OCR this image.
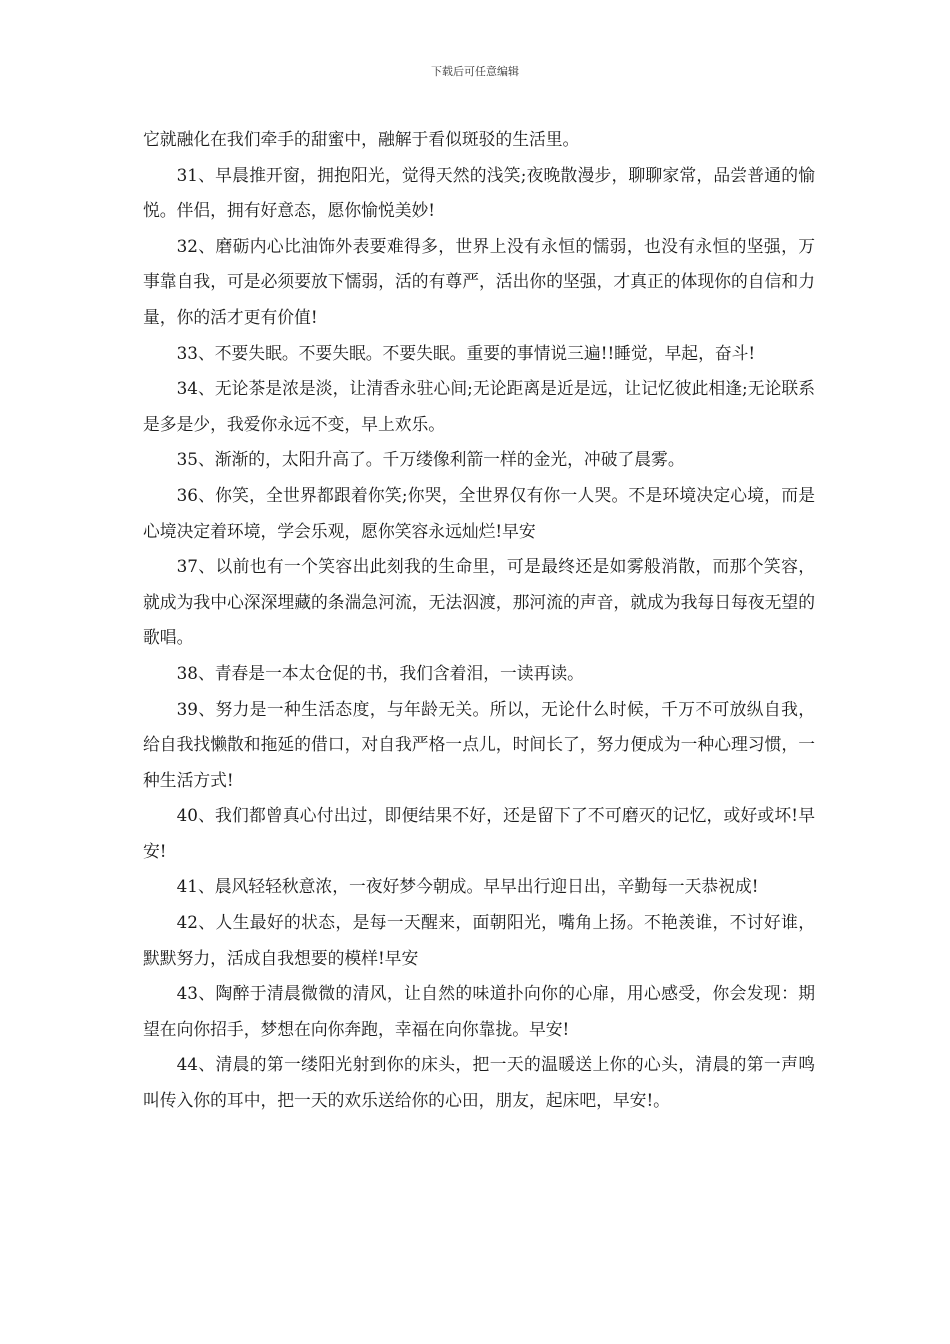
下载后可任意编辑

它就融化在我们牵手的甜蜜中，融解于看似斑驳的生活里。

31、早晨推开窗，拥抱阳光，觉得天然的浅笑;夜晚散漫步，聊聊家常，品尝普通的愉悦。伴侣，拥有好意态，愿你愉悦美妙!

32、磨砺内心比油饰外表要难得多，世界上没有永恒的懦弱，也没有永恒的坚强，万事靠自我，可是必须要放下懦弱，活的有尊严，活出你的坚强，才真正的体现你的自信和力量，你的活才更有价值!

33、不要失眠。不要失眠。不要失眠。重要的事情说三遍!!睡觉，早起，奋斗!

34、无论茶是浓是淡，让清香永驻心间;无论距离是近是远，让记忆彼此相逢;无论联系是多是少，我爱你永远不变，早上欢乐。

35、渐渐的，太阳升高了。千万缕像利箭一样的金光，冲破了晨雾。

36、你笑，全世界都跟着你笑;你哭，全世界仅有你一人哭。不是环境决定心境，而是心境决定着环境，学会乐观，愿你笑容永远灿烂!早安

37、以前也有一个笑容出此刻我的生命里，可是最终还是如雾般消散，而那个笑容，就成为我中心深深埋藏的条湍急河流，无法泅渡，那河流的声音，就成为我每日每夜无望的歌唱。

38、青春是一本太仓促的书，我们含着泪，一读再读。

39、努力是一种生活态度，与年龄无关。所以，无论什么时候，千万不可放纵自我，给自我找懒散和拖延的借口，对自我严格一点儿，时间长了，努力便成为一种心理习惯，一种生活方式!

40、我们都曾真心付出过，即便结果不好，还是留下了不可磨灭的记忆，或好或坏!早安!

41、晨风轻轻秋意浓，一夜好梦今朝成。早早出行迎日出，辛勤每一天恭祝成!

42、人生最好的状态，是每一天醒来，面朝阳光，嘴角上扬。不艳羡谁，不讨好谁，默默努力，活成自我想要的模样!早安

43、陶醉于清晨微微的清风，让自然的味道扑向你的心扉，用心感受，你会发现：期望在向你招手，梦想在向你奔跑，幸福在向你靠拢。早安!

44、清晨的第一缕阳光射到你的床头，把一天的温暖送上你的心头，清晨的第一声鸣叫传入你的耳中，把一天的欢乐送给你的心田，朋友，起床吧，早安!。
